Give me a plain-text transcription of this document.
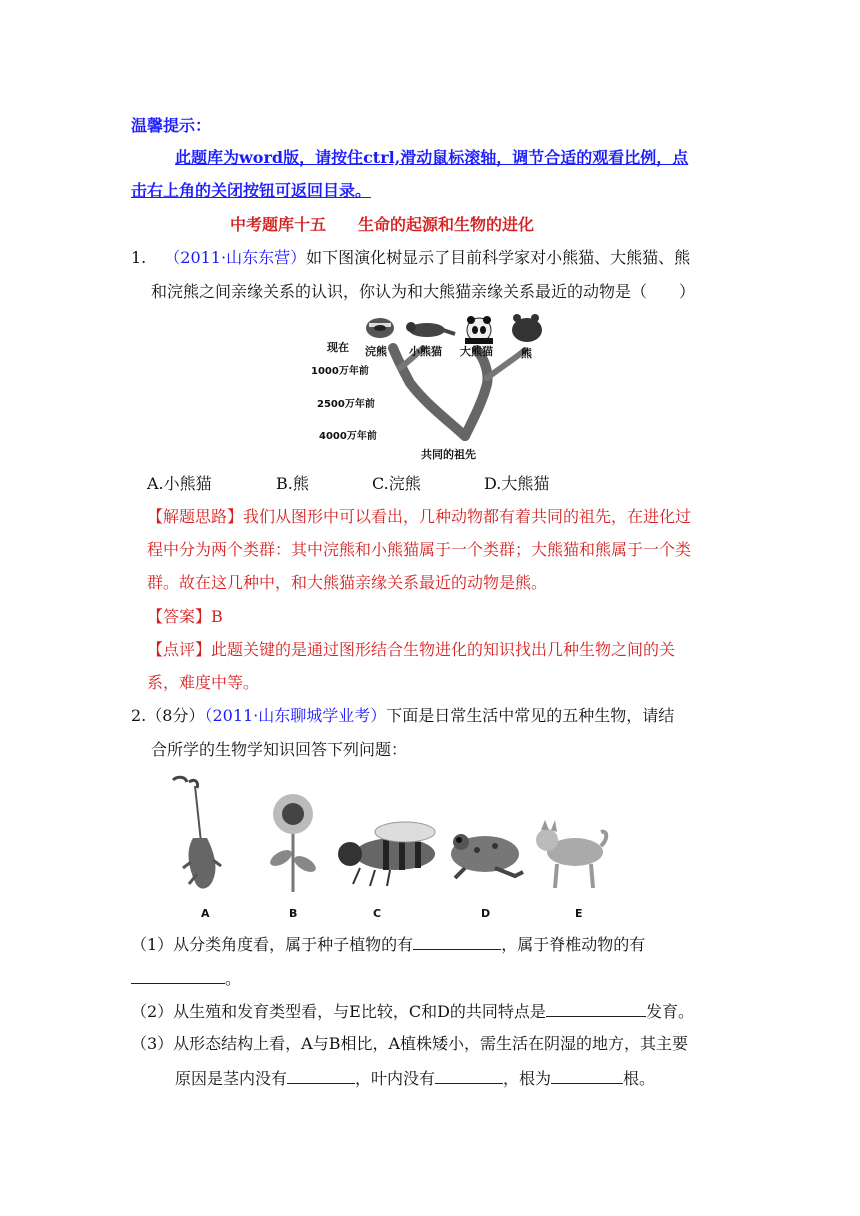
温馨提示：
此题库为word版，请按住ctrl,滑动鼠标滚轴，调节合适的观看比例，点
击右上角的关闭按钮可返回目录。
中考题库十五　　生命的起源和生物的进化
1. （2011·山东东营）如下图演化树显示了目前科学家对小熊猫、大熊猫、熊
和浣熊之间亲缘关系的认识，你认为和大熊猫亲缘关系最近的动物是（　　）
现在 浣熊 小熊猫 大熊猫	熊
1000万年前
2500万年前
4000万年前
共同的祖先
A.小熊猫	B.熊	C.浣熊	D.大熊猫
【解题思路】我们从图形中可以看出，几种动物都有着共同的祖先，在进化过
程中分为两个类群：其中浣熊和小熊猫属于一个类群；大熊猫和熊属于一个类
群。故在这几种中，和大熊猫亲缘关系最近的动物是熊。
【答案】B
【点评】此题关键的是通过图形结合生物进化的知识找出几种生物之间的关
系，难度中等。
2.（8分）（2011·山东聊城学业考）下面是日常生活中常见的五种生物，请结
合所学的生物学知识回答下列问题：
A	B	C	D	E
（1）从分类角度看，属于种子植物的有	，属于脊椎动物的有
。
（2）从生殖和发育类型看，与E比较，C和D的共同特点是	发育。
（3）从形态结构上看，A与B相比，A植株矮小，需生活在阴湿的地方，其主要
原因是茎内没有	，叶内没有	，根为	根。
